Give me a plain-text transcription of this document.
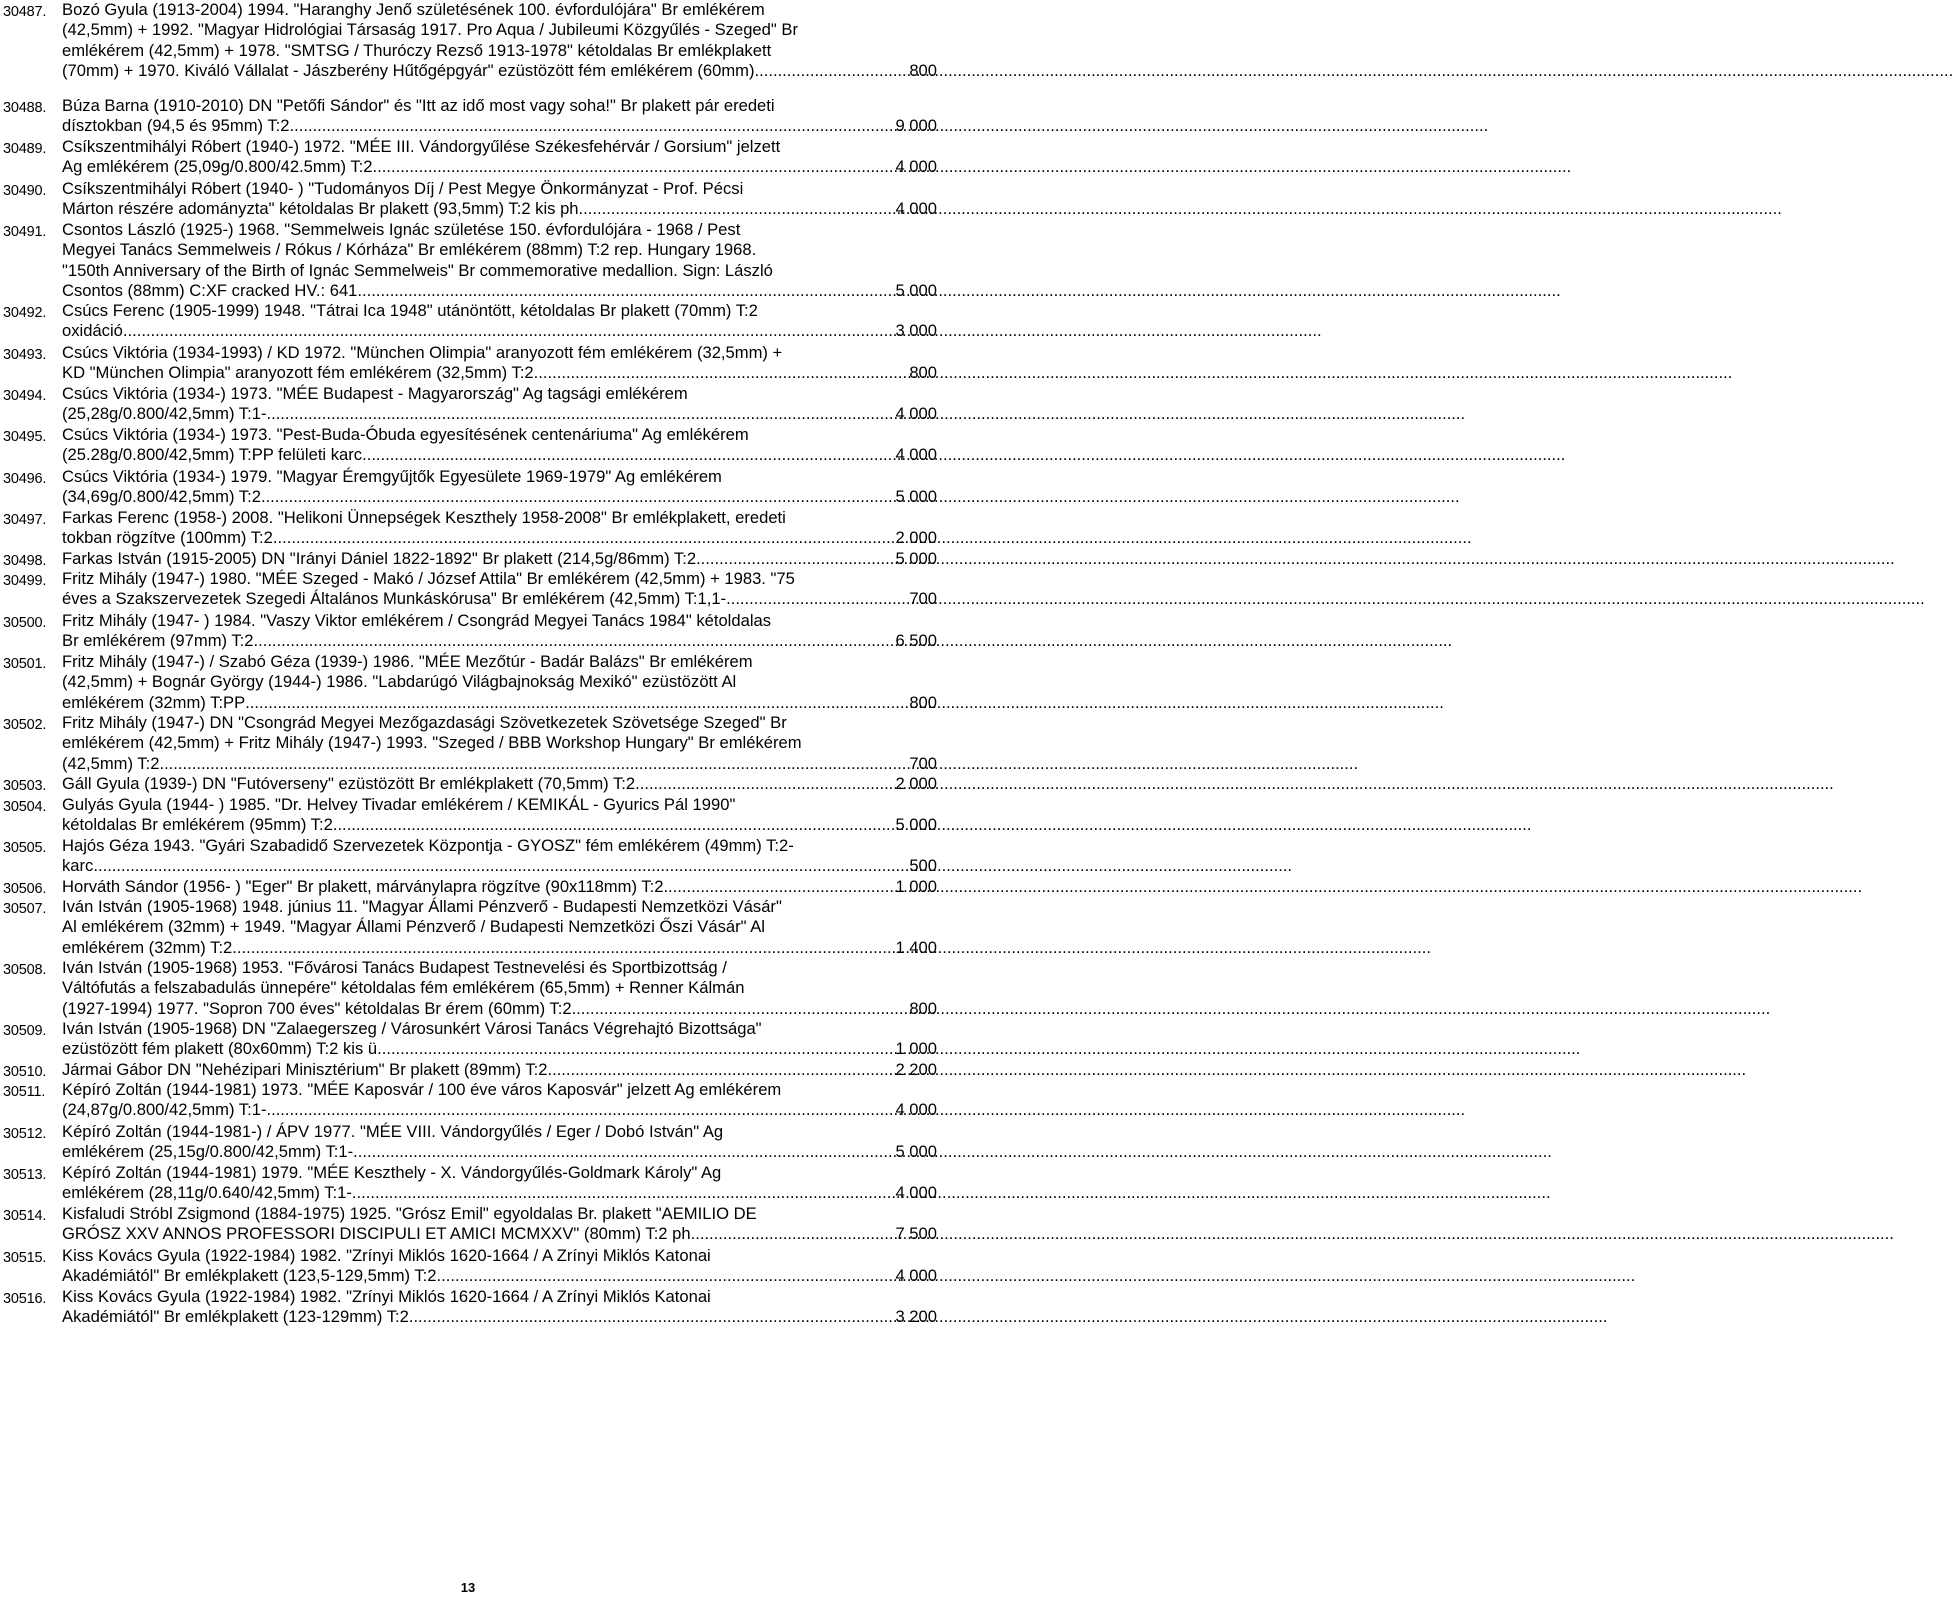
30487. Bozó Gyula (1913-2004) 1994. "Haranghy Jenő születésének 100. évfordulójára" Br emlékérem
(42,5mm) + 1992. "Magyar Hidrológiai Társaság 1917. Pro Aqua / Jubileumi Közgyűlés - Szeged" Br
emlékérem (42,5mm) + 1978. "SMTSG / Thuróczy Rezső 1913-1978" kétoldalas Br emlékplakett
(70mm) + 1970. Kiváló Vállalat - Jászberény Hűtőgépgyár" ezüstözött fém emlékérem (60mm) .....	800
30488. Búza Barna (1910-2010) DN "Petőfi Sándor" és "Itt az idő most vagy soha!" Br plakett pár eredeti
dísztokban (94,5 és 95mm) T:2 .....	9 000
30489. Csíkszentmihályi Róbert (1940-) 1972. "MÉE III. Vándorgyűlése Székesfehérvár / Gorsium" jelzett
Ag emlékérem (25,09g/0.800/42.5mm) T:2 .....	4 000
30490. Csíkszentmihályi Róbert (1940- ) "Tudományos Díj / Pest Megye Önkormányzat - Prof. Pécsi
Márton részére adományzta" kétoldalas Br plakett (93,5mm) T:2 kis ph. .....	4 000
30491. Csontos László (1925-) 1968. "Semmelweis Ignác születése 150. évfordulójára - 1968 / Pest
Megyei Tanács Semmelweis / Rókus / Kórháza" Br emlékérem (88mm) T:2 rep. Hungary 1968.
"150th Anniversary of the Birth of Ignác Semmelweis" Br commemorative medallion. Sign: László
Csontos (88mm) C:XF cracked HV.: 641. .....	5 000
30492. Csúcs Ferenc (1905-1999) 1948. "Tátrai Ica 1948" utánöntött, kétoldalas Br plakett (70mm) T:2
oxidáció .....	3 000
30493. Csúcs Viktória (1934-1993) / KD 1972. "München Olimpia" aranyozott fém emlékérem (32,5mm) +
KD "München Olimpia" aranyozott fém emlékérem (32,5mm) T:2 .....	800
30494. Csúcs Viktória (1934-) 1973. "MÉE Budapest - Magyarország" Ag tagsági emlékérem
(25,28g/0.800/42,5mm) T:1- .....	4 000
30495. Csúcs Viktória (1934-) 1973. "Pest-Buda-Óbuda egyesítésének centenáriuma" Ag emlékérem
(25.28g/0.800/42,5mm) T:PP felületi karc. .....	4 000
30496. Csúcs Viktória (1934-) 1979. "Magyar Éremgyűjtők Egyesülete 1969-1979" Ag emlékérem
(34,69g/0.800/42,5mm) T:2 .....	5 000
30497. Farkas Ferenc (1958-) 2008. "Helikoni Ünnepségek Keszthely 1958-2008" Br emlékplakett, eredeti
tokban rögzítve (100mm) T:2 .....	2 000
30498. Farkas István (1915-2005) DN "Irányi Dániel 1822-1892" Br plakett (214,5g/86mm) T:2 .....	5 000
30499. Fritz Mihály (1947-) 1980. "MÉE Szeged - Makó / József Attila" Br emlékérem (42,5mm) + 1983. "75
éves a Szakszervezetek Szegedi Általános Munkáskórusa" Br emlékérem (42,5mm) T:1,1- .....	700
30500. Fritz Mihály (1947- ) 1984. "Vaszy Viktor emlékérem / Csongrád Megyei Tanács 1984" kétoldalas
Br emlékérem (97mm) T:2 .....	6 500
30501. Fritz Mihály (1947-) / Szabó Géza (1939-) 1986. "MÉE Mezőtúr - Badár Balázs" Br emlékérem
(42,5mm) + Bognár György (1944-) 1986. "Labdarúgó Világbajnokság Mexikó" ezüstözött Al
emlékérem (32mm) T:PP .....	800
30502. Fritz Mihály (1947-) DN "Csongrád Megyei Mezőgazdasági Szövetkezetek Szövetsége Szeged" Br
emlékérem (42,5mm) + Fritz Mihály (1947-) 1993. "Szeged / BBB Workshop Hungary" Br emlékérem
(42,5mm) T:2 .....	700
30503. Gáll Gyula (1939-) DN "Futóverseny" ezüstözött Br emlékplakett (70,5mm) T:2 .....	2 000
30504. Gulyás Gyula (1944- ) 1985. "Dr. Helvey Tivadar emlékérem / KEMIKÁL - Gyurics Pál 1990"
kétoldalas Br emlékérem (95mm) T:2 .....	5 000
30505. Hajós Géza 1943. "Gyári Szabadidő Szervezetek Központja - GYOSZ" fém emlékérem (49mm) T:2-
karc .....	500
30506. Horváth Sándor (1956- ) "Eger" Br plakett, márványlapra rögzítve (90x118mm) T:2 .....	1 000
30507. Iván István (1905-1968) 1948. június 11. "Magyar Állami Pénzverő - Budapesti Nemzetközi Vásár"
Al emlékérem (32mm) + 1949. "Magyar Állami Pénzverő / Budapesti Nemzetközi Őszi Vásár" Al
emlékérem (32mm) T:2 .....	1 400
30508. Iván István (1905-1968) 1953. "Fővárosi Tanács Budapest Testnevelési és Sportbizottság /
Váltófutás a felszabadulás ünnepére" kétoldalas fém emlékérem (65,5mm) + Renner Kálmán
(1927-1994) 1977. "Sopron 700 éves" kétoldalas Br érem (60mm) T:2 .....	800
30509. Iván István (1905-1968) DN "Zalaegerszeg / Városunkért Városi Tanács Végrehajtó Bizottsága"
ezüstözött fém plakett (80x60mm) T:2 kis ü. .....	1 000
30510. Jármai Gábor DN "Nehézipari Minisztérium" Br plakett (89mm) T:2 .....	2 200
30511. Képíró Zoltán (1944-1981) 1973. "MÉE Kaposvár / 100 éve város Kaposvár" jelzett Ag emlékérem
(24,87g/0.800/42,5mm) T:1- .....	4 000
30512. Képíró Zoltán (1944-1981-) / ÁPV 1977. "MÉE VIII. Vándorgyűlés / Eger / Dobó István" Ag
emlékérem (25,15g/0.800/42,5mm) T:1- .....	5 000
30513. Képíró Zoltán (1944-1981) 1979. "MÉE Keszthely - X. Vándorgyűlés-Goldmark Károly" Ag
emlékérem (28,11g/0.640/42,5mm) T:1- .....	4 000
30514. Kisfaludi Stróbl Zsigmond (1884-1975) 1925. "Grósz Emil" egyoldalas Br. plakett "AEMILIO DE
GRÓSZ XXV ANNOS PROFESSORI DISCIPULI ET AMICI MCMXXV" (80mm) T:2 ph. .....	7 500
30515. Kiss Kovács Gyula (1922-1984) 1982. "Zrínyi Miklós 1620-1664 / A Zrínyi Miklós Katonai
Akadémiától" Br emlékplakett (123,5-129,5mm) T:2 .....	4 000
30516. Kiss Kovács Gyula (1922-1984) 1982. "Zrínyi Miklós 1620-1664 / A Zrínyi Miklós Katonai
Akadémiától" Br emlékplakett (123-129mm) T:2 .....	3 200
13
